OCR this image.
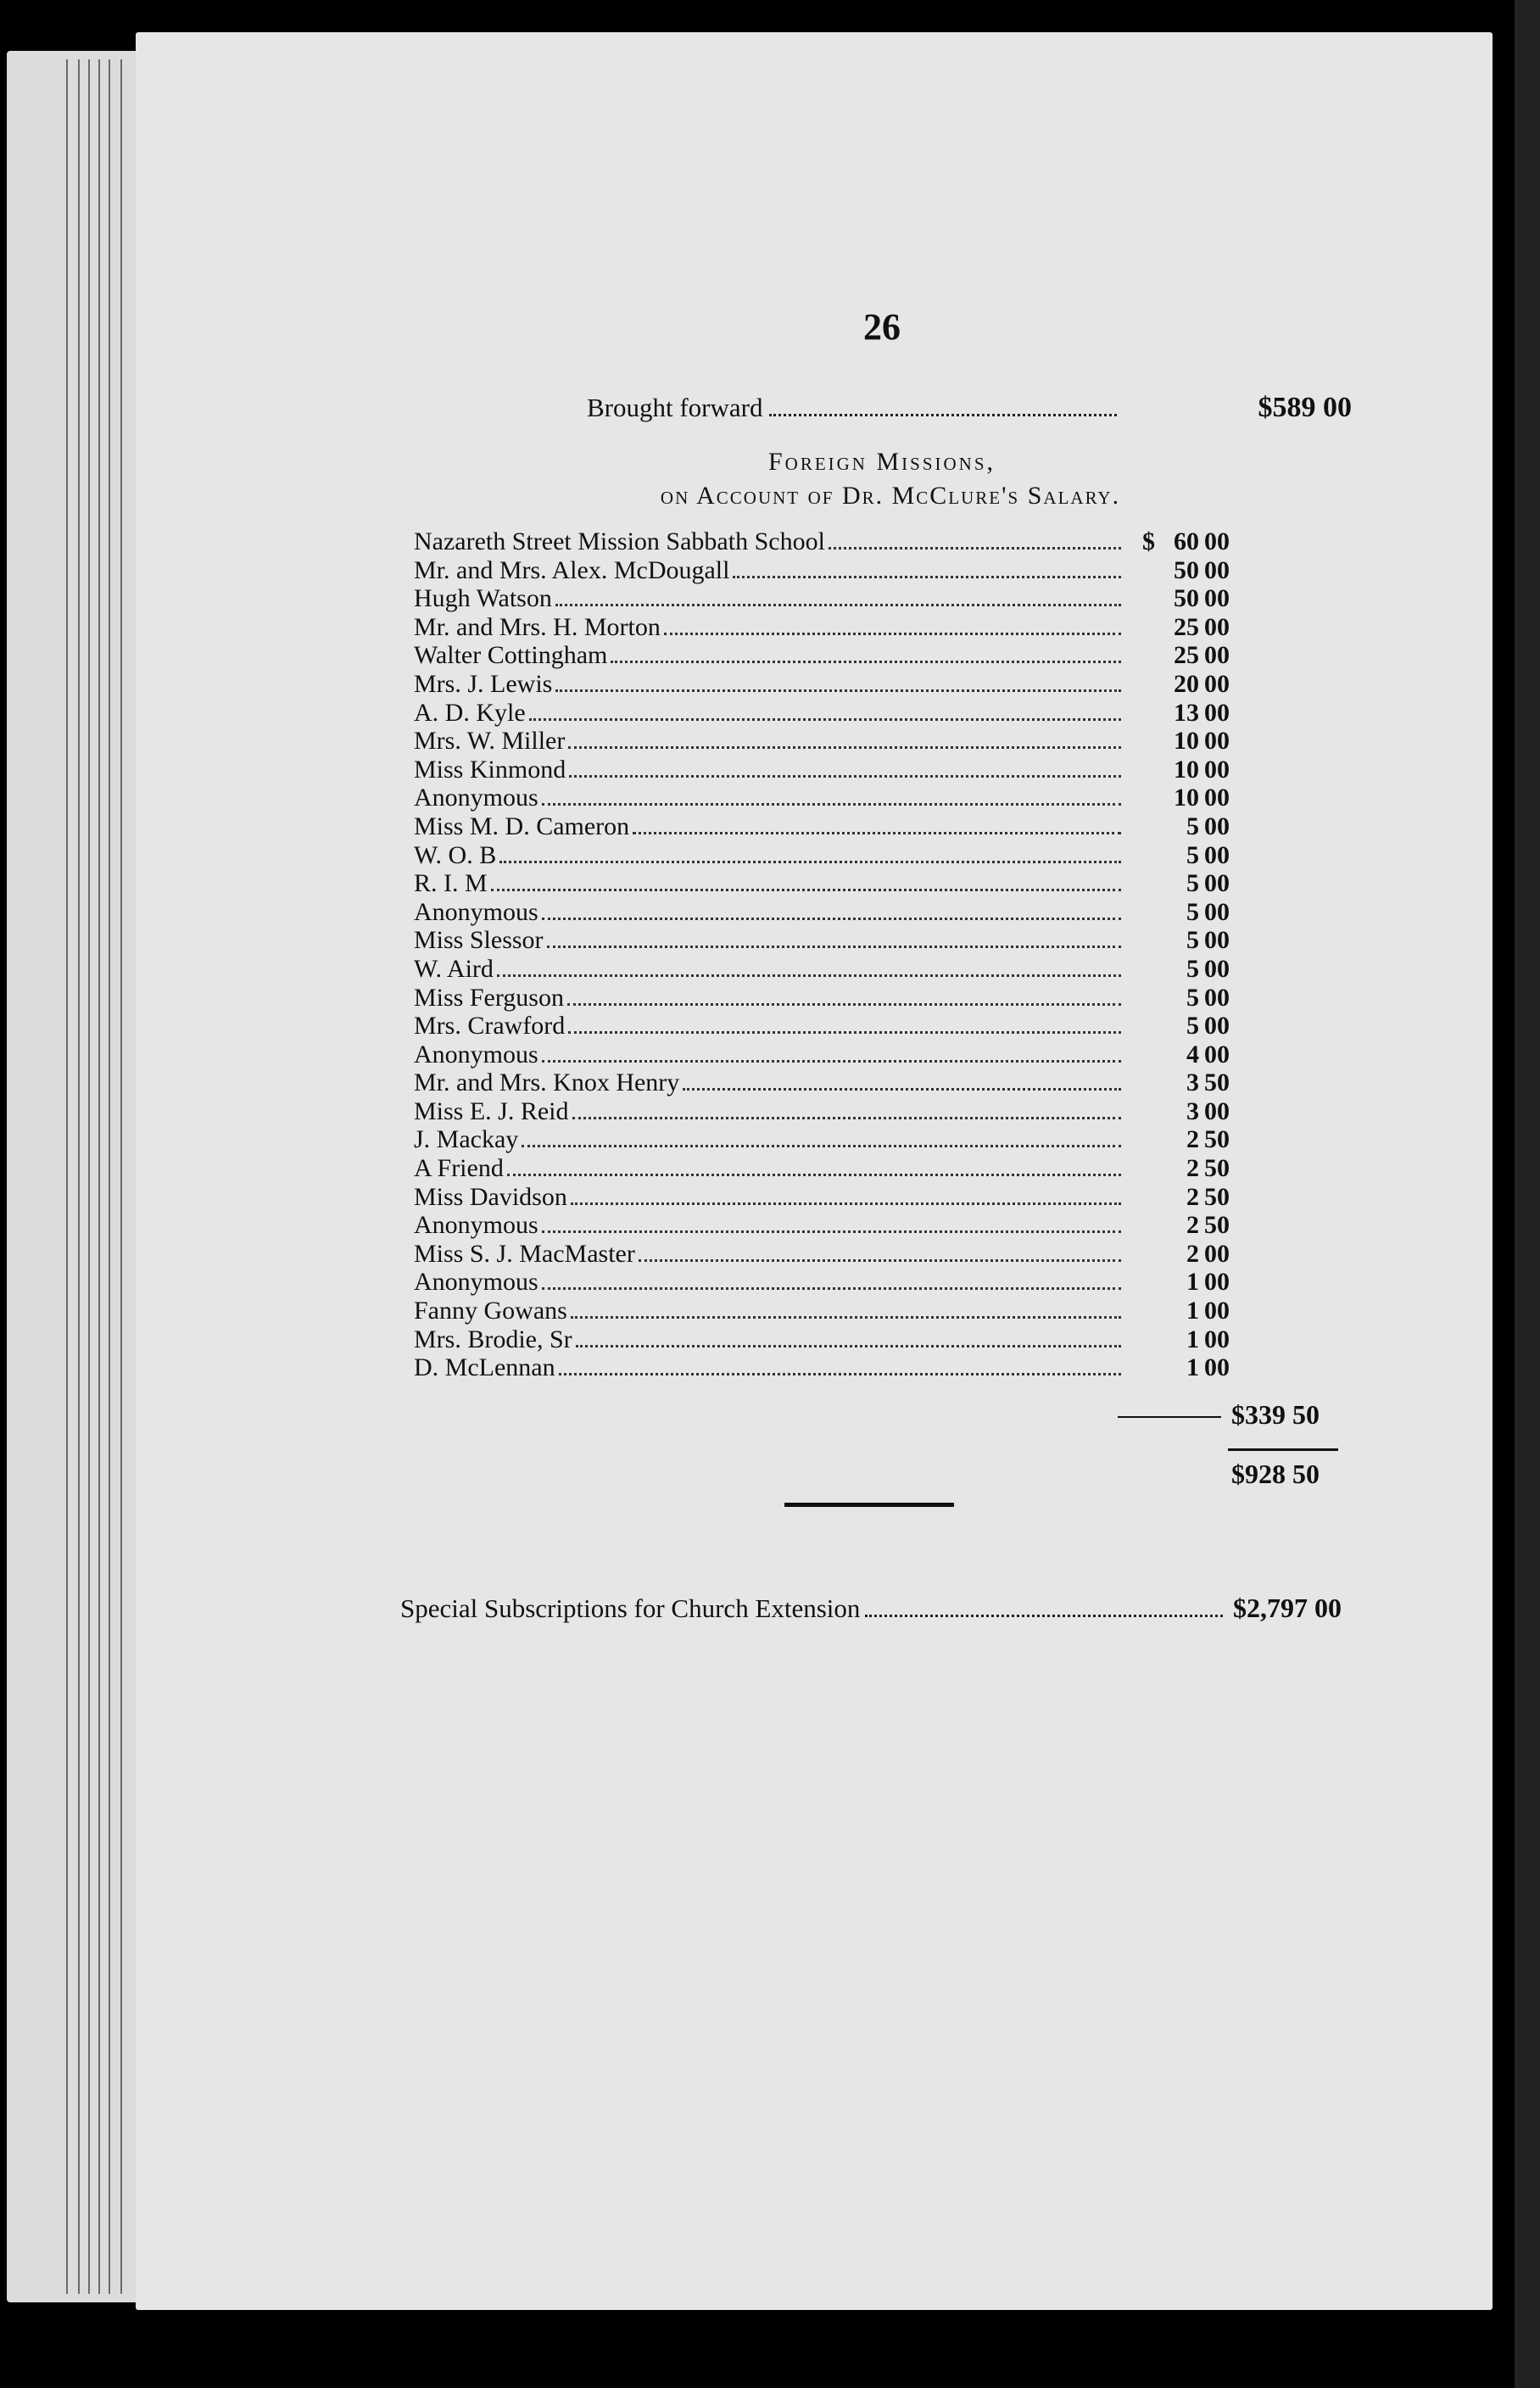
26
Brought forward	$589 00
Foreign Missions,
on Account of Dr. McClure's Salary.
Nazareth Street Mission Sabbath School	$ 60 00
Mr. and Mrs. Alex. McDougall	50 00
Hugh Watson	50 00
Mr. and Mrs. H. Morton	25 00
Walter Cottingham	25 00
Mrs. J. Lewis	20 00
A. D. Kyle	13 00
Mrs. W. Miller	10 00
Miss Kinmond	10 00
Anonymous	10 00
Miss M. D. Cameron	5 00
W. O. B	5 00
R. I. M	5 00
Anonymous	5 00
Miss Slessor	5 00
W. Aird	5 00
Miss Ferguson	5 00
Mrs. Crawford	5 00
Anonymous	4 00
Mr. and Mrs. Knox Henry	3 50
Miss E. J. Reid	3 00
J. Mackay	2 50
A Friend	2 50
Miss Davidson	2 50
Anonymous	2 50
Miss S. J. MacMaster	2 00
Anonymous	1 00
Fanny Gowans	1 00
Mrs. Brodie, Sr	1 00
D. McLennan	1 00
$339 50
$928 50
Special Subscriptions for Church Extension	$2,797 00
